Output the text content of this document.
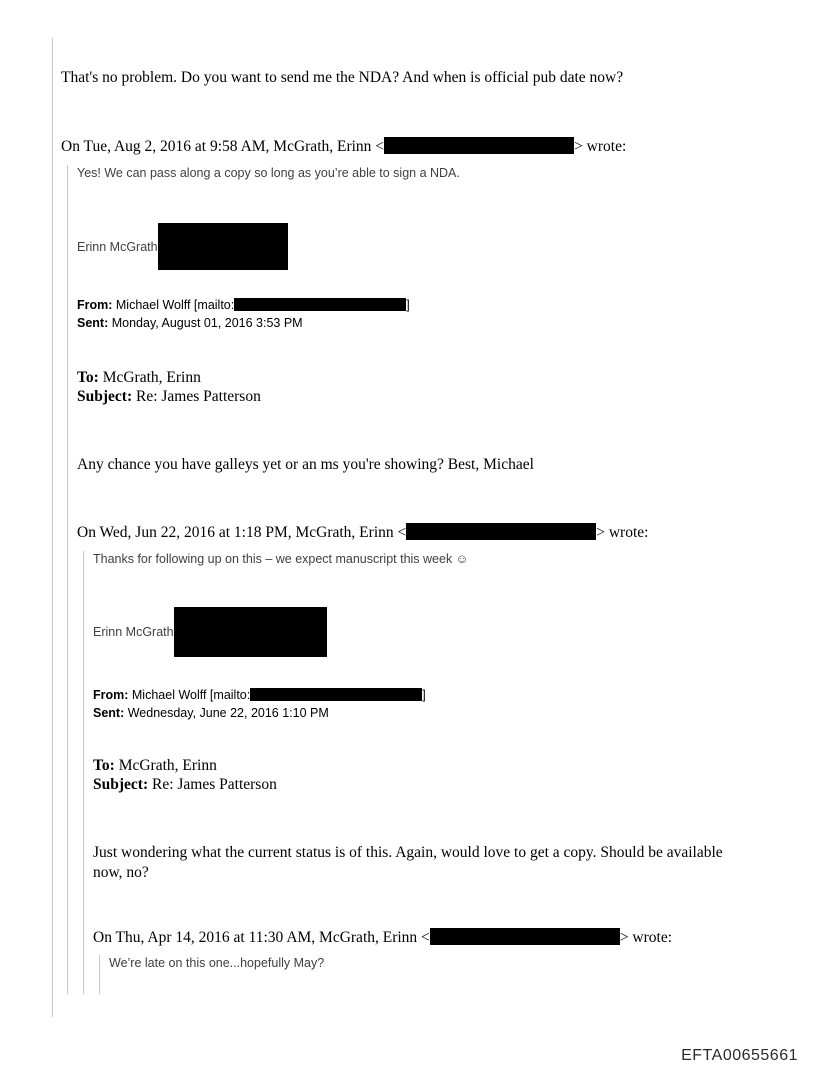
That's no problem. Do you want to send me the NDA? And when is official pub date now?

On Tue, Aug 2, 2016 at 9:58 AM, McGrath, Erinn <	> wrote:

Yes! We can pass along a copy so long as you’re able to sign a NDA.

Erinn McGrath

From: Michael Wolff [mailto:	]

Sent: Monday, August 01, 2016 3:53 PM

To: McGrath, Erinn

Subject: Re: James Patterson

Any chance you have galleys yet or an ms you're showing? Best, Michael

On Wed, Jun 22, 2016 at 1:18 PM, McGrath, Erinn <	> wrote:

Thanks for following up on this – we expect manuscript this week ☺

Erinn McGrath

From: Michael Wolff [mailto:	]

Sent: Wednesday, June 22, 2016 1:10 PM

To: McGrath, Erinn

Subject: Re: James Patterson

Just wondering what the current status is of this. Again, would love to get a copy. Should be available now, no?

On Thu, Apr 14, 2016 at 11:30 AM, McGrath, Erinn <	> wrote:

We’re late on this one...hopefully May?

EFTA00655661
